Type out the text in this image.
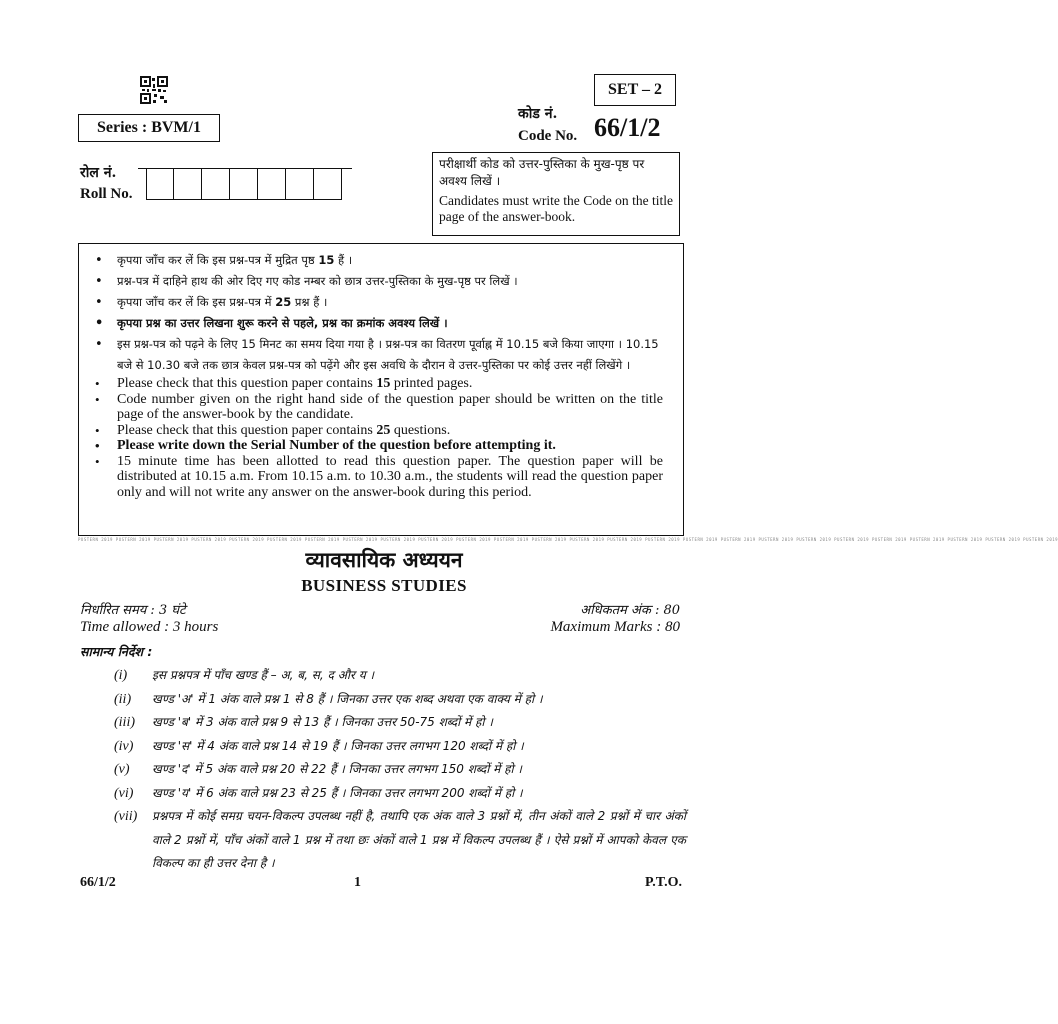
Series : BVM/1
SET – 2
कोड नं.
Code No. 66/1/2
रोल नं.
Roll No.
परीक्षार्थी कोड को उत्तर-पुस्तिका के मुख-पृष्ठ पर अवश्य लिखें ।
Candidates must write the Code on the title page of the answer-book.
• कृपया जाँच कर लें कि इस प्रश्न-पत्र में मुद्रित पृष्ठ 15 हैं ।
• प्रश्न-पत्र में दाहिने हाथ की ओर दिए गए कोड नम्बर को छात्र उत्तर-पुस्तिका के मुख-पृष्ठ पर लिखें ।
• कृपया जाँच कर लें कि इस प्रश्न-पत्र में 25 प्रश्न हैं ।
• कृपया प्रश्न का उत्तर लिखना शुरू करने से पहले, प्रश्न का क्रमांक अवश्य लिखें ।
• इस प्रश्न-पत्र को पढ़ने के लिए 15 मिनट का समय दिया गया है । प्रश्न-पत्र का वितरण पूर्वाह्न में 10.15 बजे किया जाएगा । 10.15 बजे से 10.30 बजे तक छात्र केवल प्रश्न-पत्र को पढ़ेंगे और इस अवधि के दौरान वे उत्तर-पुस्तिका पर कोई उत्तर नहीं लिखेंगे ।
• Please check that this question paper contains 15 printed pages.
• Code number given on the right hand side of the question paper should be written on the title page of the answer-book by the candidate.
• Please check that this question paper contains 25 questions.
• Please write down the Serial Number of the question before attempting it.
• 15 minute time has been allotted to read this question paper. The question paper will be distributed at 10.15 a.m. From 10.15 a.m. to 10.30 a.m., the students will read the question paper only and will not write any answer on the answer-book during this period.
PUSTERN 2019 PUSTERN 2019 PUSTERN 2019 PUSTERN 2019 PUSTERN 2019 PUSTERN 2019 PUSTERN 2019 PUSTERN 2019 PUSTERN 2019 PUSTERN 2019 PUSTERN 2019 PUSTERN 2019 PUSTERN 2019 PUSTERN 2019 PUSTERN 2019 PUSTERN 2019 PUSTERN 2019 PUSTERN 2019 PUSTERN 2019 PUSTERN 2019 PUSTERN 2019 PUSTERN 2019 PUSTERN 2019 PUSTERN 2019 PUSTERN 2019 PUSTERN 2019
व्यावसायिक अध्ययन
BUSINESS STUDIES
निर्धारित समय : 3 घंटे
Time allowed : 3 hours
अधिकतम अंक : 80
Maximum Marks : 80
सामान्य निर्देश :
(i)	इस प्रश्नपत्र में पाँच खण्ड हैं – अ, ब, स, द और य ।
(ii)	खण्ड 'अ' में 1 अंक वाले प्रश्न 1 से 8 हैं । जिनका उत्तर एक शब्द अथवा एक वाक्य में हो ।
(iii)	खण्ड 'ब' में 3 अंक वाले प्रश्न 9 से 13 हैं । जिनका उत्तर 50-75 शब्दों में हो ।
(iv)	खण्ड 'स' में 4 अंक वाले प्रश्न 14 से 19 हैं । जिनका उत्तर लगभग 120 शब्दों में हो ।
(v)	खण्ड 'द' में 5 अंक वाले प्रश्न 20 से 22 हैं । जिनका उत्तर लगभग 150 शब्दों में हो ।
(vi)	खण्ड 'य' में 6 अंक वाले प्रश्न 23 से 25 हैं । जिनका उत्तर लगभग 200 शब्दों में हो ।
(vii)	प्रश्नपत्र में कोई समग्र चयन-विकल्प उपलब्ध नहीं है, तथापि एक अंक वाले 3 प्रश्नों में, तीन अंकों वाले 2 प्रश्नों में चार अंकों वाले 2 प्रश्नों में, पाँच अंकों वाले 1 प्रश्न में तथा छः अंकों वाले 1 प्रश्न में विकल्प उपलब्ध हैं । ऐसे प्रश्नों में आपको केवल एक विकल्प का ही उत्तर देना है ।
66/1/2	1	P.T.O.
